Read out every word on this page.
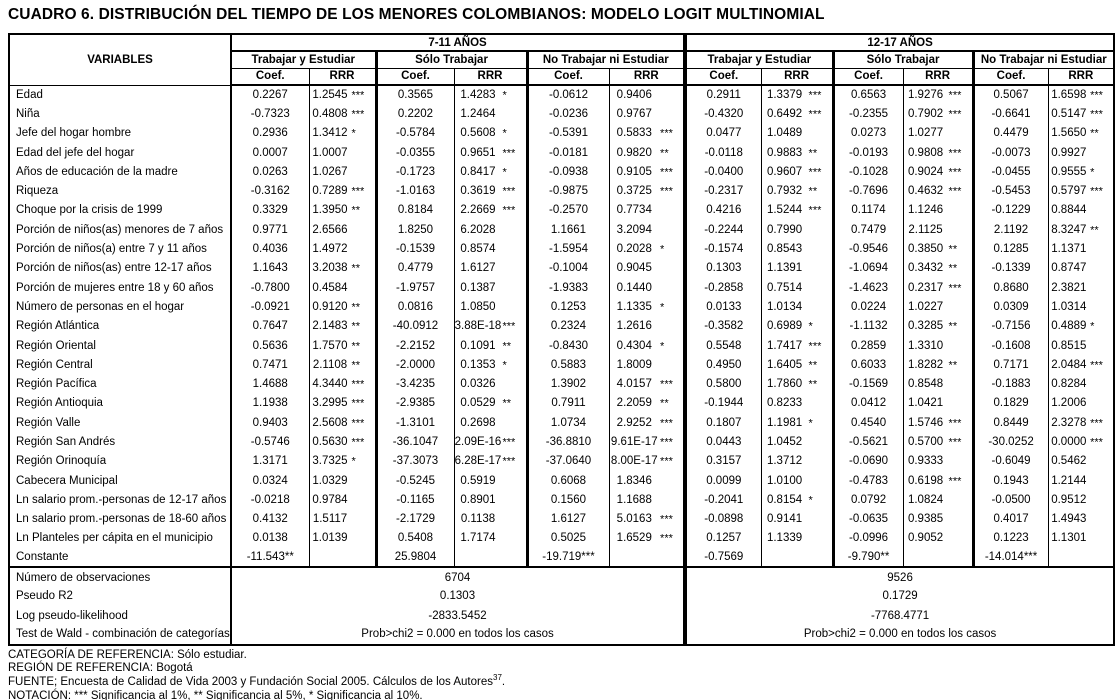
CUADRO 6. DISTRIBUCIÓN DEL TIEMPO DE LOS MENORES COLOMBIANOS: MODELO LOGIT MULTINOMIAL
VARIABLES	7-11 AÑOS						12-17 AÑOS					
	Trabajar y Estudiar		Sólo Trabajar		No Trabajar ni Estudiar		Trabajar y Estudiar		Sólo Trabajar		No Trabajar ni Estudiar	
	Coef.	RRR	Coef.	RRR	Coef.	RRR	Coef.	RRR	Coef.	RRR	Coef.	RRR
Edad	0.2267	1.2545 ***	0.3565	1.4283 *	-0.0612	0.9406	0.2911	1.3379 ***	0.6563	1.9276 ***	0.5067	1.6598 ***

Niña	-0.7323	0.4808 ***	0.2202	1.2464	-0.0236	0.9767	-0.4320	0.6492 ***	-0.2355	0.7902 ***	-0.6641	0.5147 ***

Jefe del hogar hombre	0.2936	1.3412 *	-0.5784	0.5608 *	-0.5391	0.5833 ***	0.0477	1.0489	0.0273	1.0277	0.4479	1.5650 **

Edad del jefe del hogar	0.0007	1.0007	-0.0355	0.9651 ***	-0.0181	0.9820 **	-0.0118	0.9883 **	-0.0193	0.9808 ***	-0.0073	0.9927

Años de educación de la madre	0.0263	1.0267	-0.1723	0.8417 *	-0.0938	0.9105 ***	-0.0400	0.9607 ***	-0.1028	0.9024 ***	-0.0455	0.9555 *

Riqueza	-0.3162	0.7289 ***	-1.0163	0.3619 ***	-0.9875	0.3725 ***	-0.2317	0.7932 **	-0.7696	0.4632 ***	-0.5453	0.5797 ***

Choque por la crisis de 1999	0.3329	1.3950 **	0.8184	2.2669 ***	-0.2570	0.7734	0.4216	1.5244 ***	0.1174	1.1246	-0.1229	0.8844

Porción de niños(as) menores de 7 años	0.9771	2.6566	1.8250	6.2028	1.1661	3.2094	-0.2244	0.7990	0.7479	2.1125	2.1192	8.3247 **

Porción de niños(a) entre 7 y 11 años	0.4036	1.4972	-0.1539	0.8574	-1.5954	0.2028 *	-0.1574	0.8543	-0.9546	0.3850 **	0.1285	1.1371

Porción de niños(as) entre 12-17 años	1.1643	3.2038 **	0.4779	1.6127	-0.1004	0.9045	0.1303	1.1391	-1.0694	0.3432 **	-0.1339	0.8747

Porción de mujeres entre 18 y 60 años	-0.7800	0.4584	-1.9757	0.1387	-1.9383	0.1440	-0.2858	0.7514	-1.4623	0.2317 ***	0.8680	2.3821

Número de personas en el hogar	-0.0921	0.9120 **	0.0816	1.0850	0.1253	1.1335 *	0.0133	1.0134	0.0224	1.0227	0.0309	1.0314

Región Atlántica	0.7647	2.1483 **	-40.0912	3.88E-18 ***	0.2324	1.2616	-0.3582	0.6989 *	-1.1132	0.3285 **	-0.7156	0.4889 *

Región Oriental	0.5636	1.7570 **	-2.2152	0.1091 **	-0.8430	0.4304 *	0.5548	1.7417 ***	0.2859	1.3310	-0.1608	0.8515

Región Central	0.7471	2.1108 **	-2.0000	0.1353 *	0.5883	1.8009	0.4950	1.6405 **	0.6033	1.8282 **	0.7171	2.0484 ***

Región Pacífica	1.4688	4.3440 ***	-3.4235	0.0326	1.3902	4.0157 ***	0.5800	1.7860 **	-0.1569	0.8548	-0.1883	0.8284

Región Antioquia	1.1938	3.2995 ***	-2.9385	0.0529 **	0.7911	2.2059 **	-0.1944	0.8233	0.0412	1.0421	0.1829	1.2006

Región Valle	0.9403	2.5608 ***	-1.3101	0.2698	1.0734	2.9252 ***	0.1807	1.1981 *	0.4540	1.5746 ***	0.8449	2.3278 ***

Región San Andrés	-0.5746	0.5630 ***	-36.1047	2.09E-16 ***	-36.8810	9.61E-17 ***	0.0443	1.0452	-0.5621	0.5700 ***	-30.0252	0.0000 ***

Región Orinoquía	1.3171	3.7325 *	-37.3073	6.28E-17 ***	-37.0640	8.00E-17 ***	0.3157	1.3712	-0.0690	0.9333	-0.6049	0.5462

Cabecera Municipal	0.0324	1.0329	-0.5245	0.5919	0.6068	1.8346	0.0099	1.0100	-0.4783	0.6198 ***	0.1943	1.2144

Ln salario prom.-personas de 12-17 años	-0.0218	0.9784	-0.1165	0.8901	0.1560	1.1688	-0.2041	0.8154 *	0.0792	1.0824	-0.0500	0.9512

Ln salario prom.-personas de 18-60 años	0.4132	1.5117	-2.1729	0.1138	1.6127	5.0163 ***	-0.0898	0.9141	-0.0635	0.9385	0.4017	1.4943

Ln Planteles per cápita en el municipio	0.0138	1.0139	0.5408	1.7174	0.5025	1.6529 ***	0.1257	1.1339	-0.0996	0.9052	0.1223	1.1301

Constante	-11.543**		25.9804		-19.719***		-0.7569		-9.790**		-14.014***	

Número de observaciones	6704						9526					
Pseudo R2	0.1303						0.1729					
Log pseudo-likelihood	-2833.5452						-7768.4771					
Test de Wald - combinación de categorías	Prob>chi2 = 0.000 en todos los casos						Prob>chi2 = 0.000 en todos los casos					
CATEGORÍA DE REFERENCIA: Sólo estudiar.
REGIÓN DE REFERENCIA: Bogotá
FUENTE; Encuesta de Calidad de Vida 2003 y Fundación Social 2005. Cálculos de los Autores$^{37}$.
NOTACIÓN: *** Significancia al 1%, ** Significancia al 5%, * Significancia al 10%.
